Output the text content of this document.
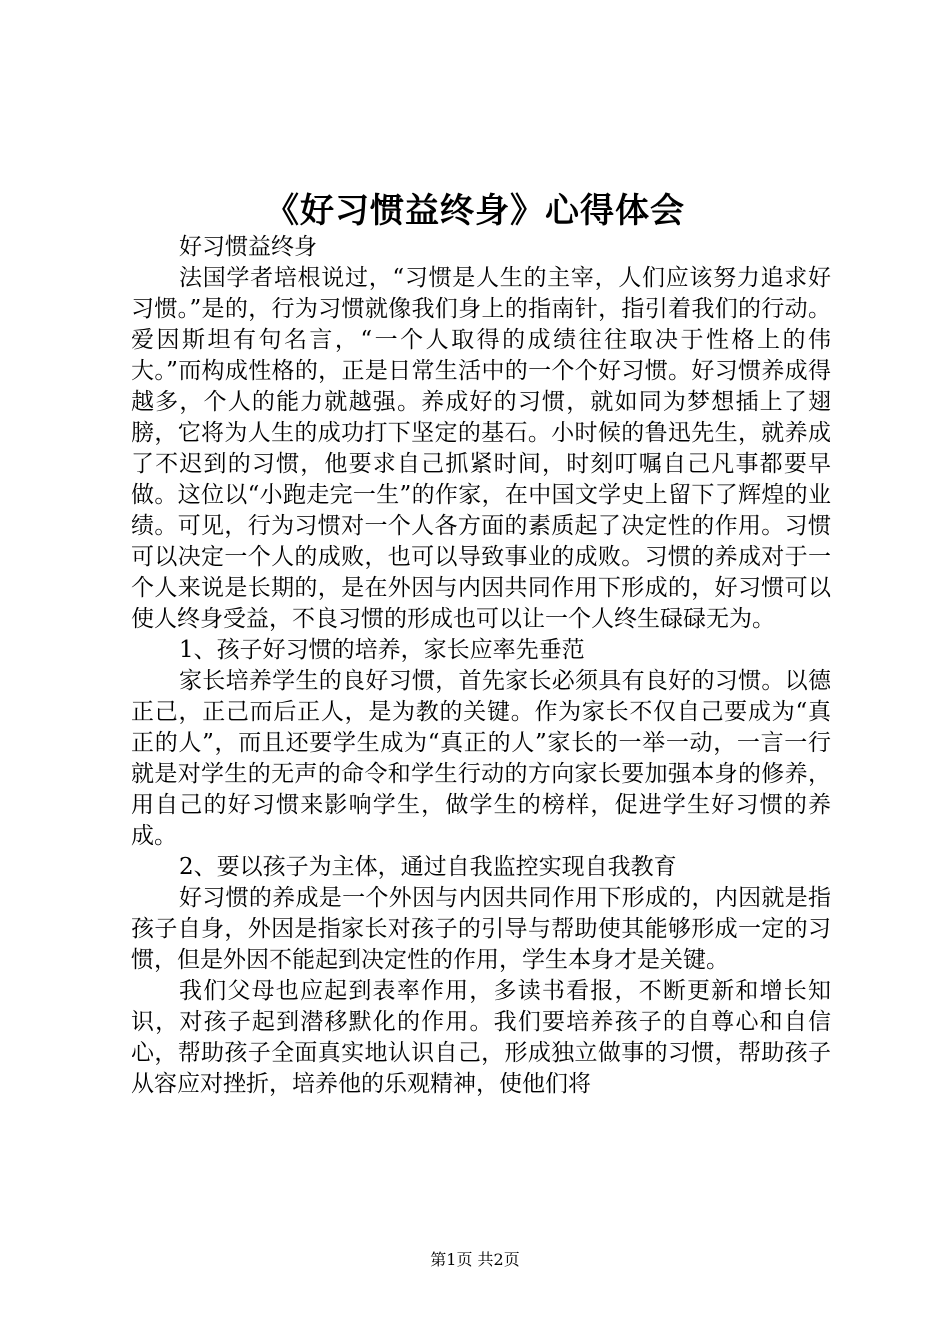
《好习惯益终身》心得体会

好习惯益终身

法国学者培根说过，“习惯是人生的主宰，人们应该努力追求好习惯。”是的，行为习惯就像我们身上的指南针，指引着我们的行动。爱因斯坦有句名言，“一个人取得的成绩往往取决于性格上的伟大。”而构成性格的，正是日常生活中的一个个好习惯。好习惯养成得越多，个人的能力就越强。养成好的习惯，就如同为梦想插上了翅膀，它将为人生的成功打下坚定的基石。小时候的鲁迅先生，就养成了不迟到的习惯，他要求自己抓紧时间，时刻叮嘱自己凡事都要早做。这位以“小跑走完一生”的作家，在中国文学史上留下了辉煌的业绩。可见，行为习惯对一个人各方面的素质起了决定性的作用。习惯可以决定一个人的成败，也可以导致事业的成败。习惯的养成对于一个人来说是长期的，是在外因与内因共同作用下形成的，好习惯可以使人终身受益，不良习惯的形成也可以让一个人终生碌碌无为。

1、孩子好习惯的培养，家长应率先垂范

家长培养学生的良好习惯，首先家长必须具有良好的习惯。以德正己，正己而后正人，是为教的关键。作为家长不仅自己要成为“真正的人”，而且还要学生成为“真正的人”家长的一举一动，一言一行就是对学生的无声的命令和学生行动的方向家长要加强本身的修养，用自己的好习惯来影响学生，做学生的榜样，促进学生好习惯的养成。

2、要以孩子为主体，通过自我监控实现自我教育

好习惯的养成是一个外因与内因共同作用下形成的，内因就是指孩子自身，外因是指家长对孩子的引导与帮助使其能够形成一定的习惯，但是外因不能起到决定性的作用，学生本身才是关键。

我们父母也应起到表率作用，多读书看报，不断更新和增长知识，对孩子起到潜移默化的作用。我们要培养孩子的自尊心和自信心，帮助孩子全面真实地认识自己，形成独立做事的习惯，帮助孩子从容应对挫折，培养他的乐观精神，使他们将

第1页 共2页
